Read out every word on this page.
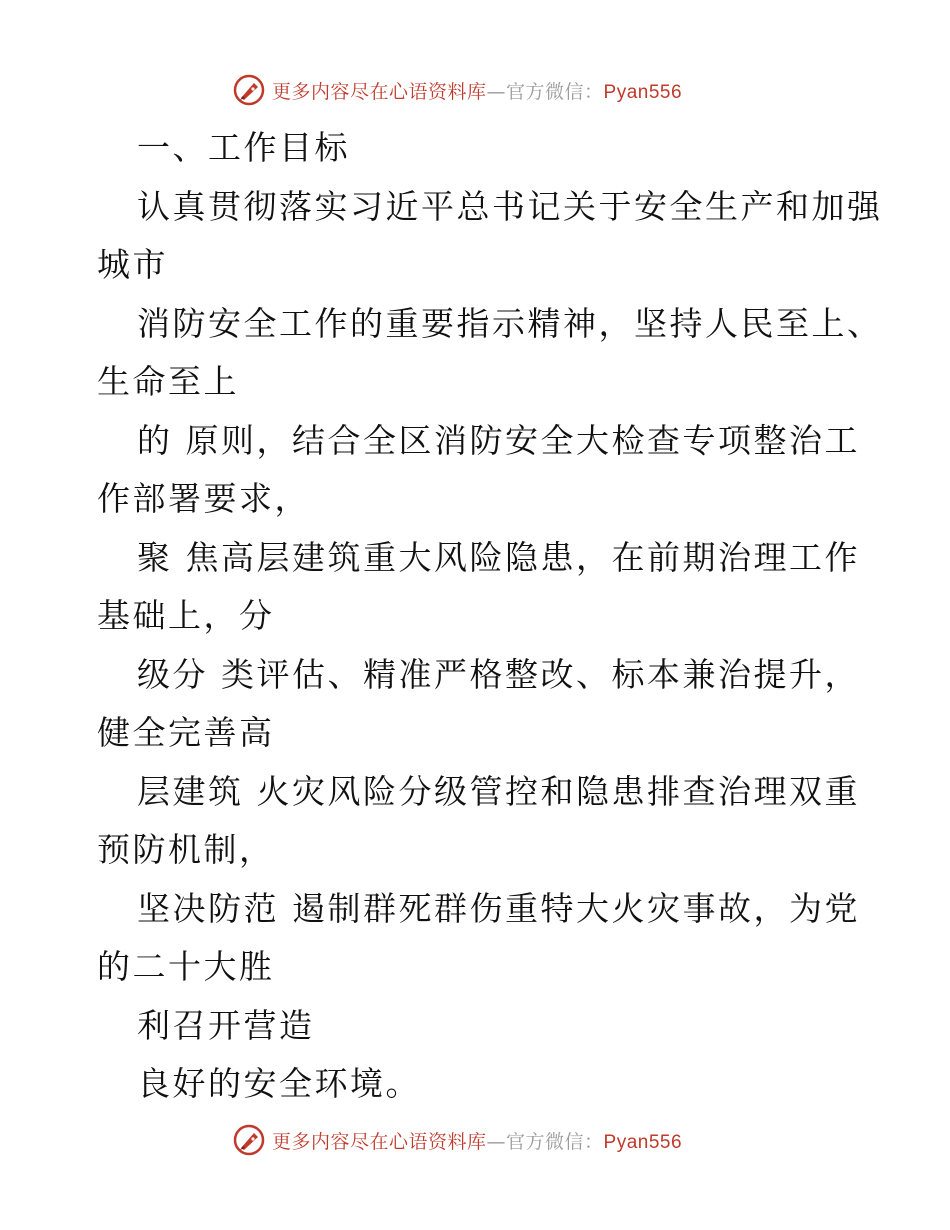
更多内容尽在心语资料库—官方微信：Pyan556

一、工作目标

认真贯彻落实习近平总书记关于安全生产和加强

城市

消防安全工作的重要指示精神，坚持人民至上、

生命至上

的 原则，结合全区消防安全大检查专项整治工

作部署要求，

聚 焦高层建筑重大风险隐患，在前期治理工作

基础上，分

级分 类评估、精准严格整改、标本兼治提升，

健全完善高

层建筑 火灾风险分级管控和隐患排查治理双重

预防机制，

坚决防范 遏制群死群伤重特大火灾事故，为党

的二十大胜

利召开营造

良好的安全环境。

更多内容尽在心语资料库—官方微信：Pyan556
